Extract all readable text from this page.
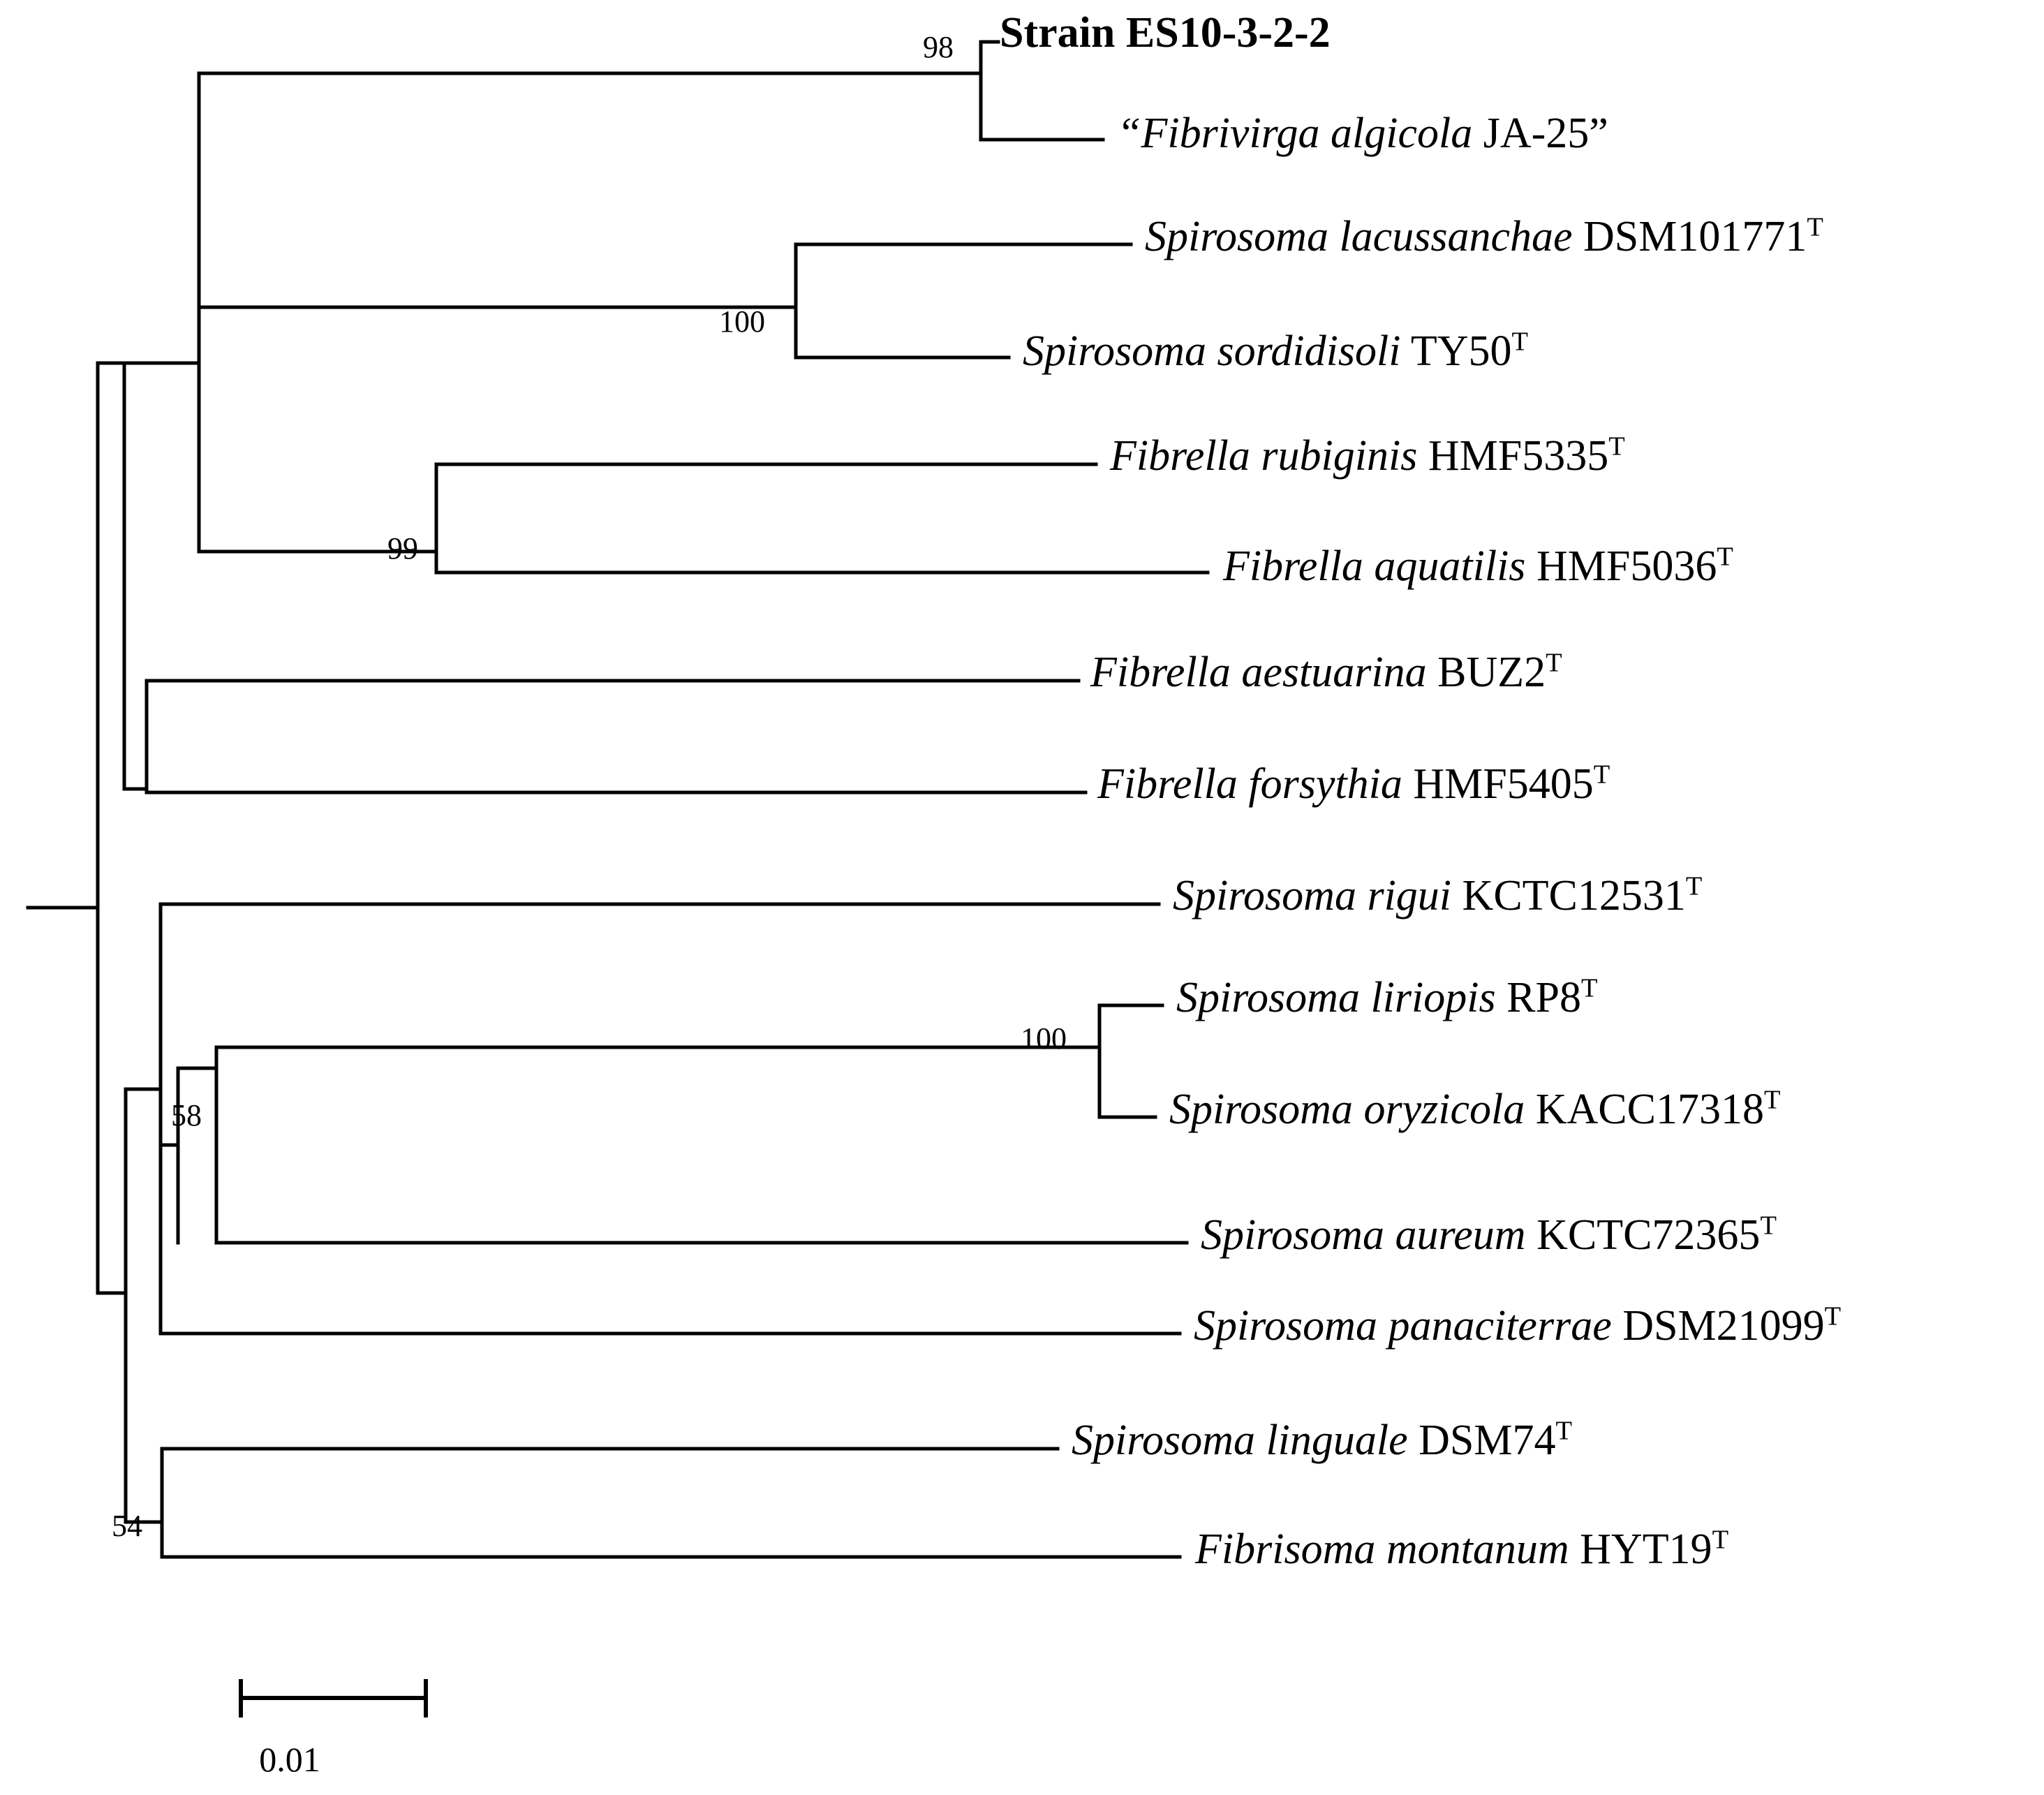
Strain ES10-3-2-2
“Fibrivirga algicola JA-25”
Spirosoma lacussanchae $DSM101771^T$
Spirosoma sordidisoli $TY50^T$
Fibrella rubiginis $HMF5335^T$
Fibrella aquatilis $HMF5036^T$
Fibrella aestuarina $BUZ2^T$
Fibrella forsythia $HMF5405^T$
Spirosoma rigui $KCTC12531^T$
Spirosoma liriopis $RP8^T$
Spirosoma oryzicola $KACC17318^T$
Spirosoma aureum $KCTC72365^T$
Spirosoma panaciterrae $DSM21099^T$
Spirosoma linguale $DSM74^T$
Fibrisoma montanum $HYT19^T$
98
100
99
100
58
54
0.01
